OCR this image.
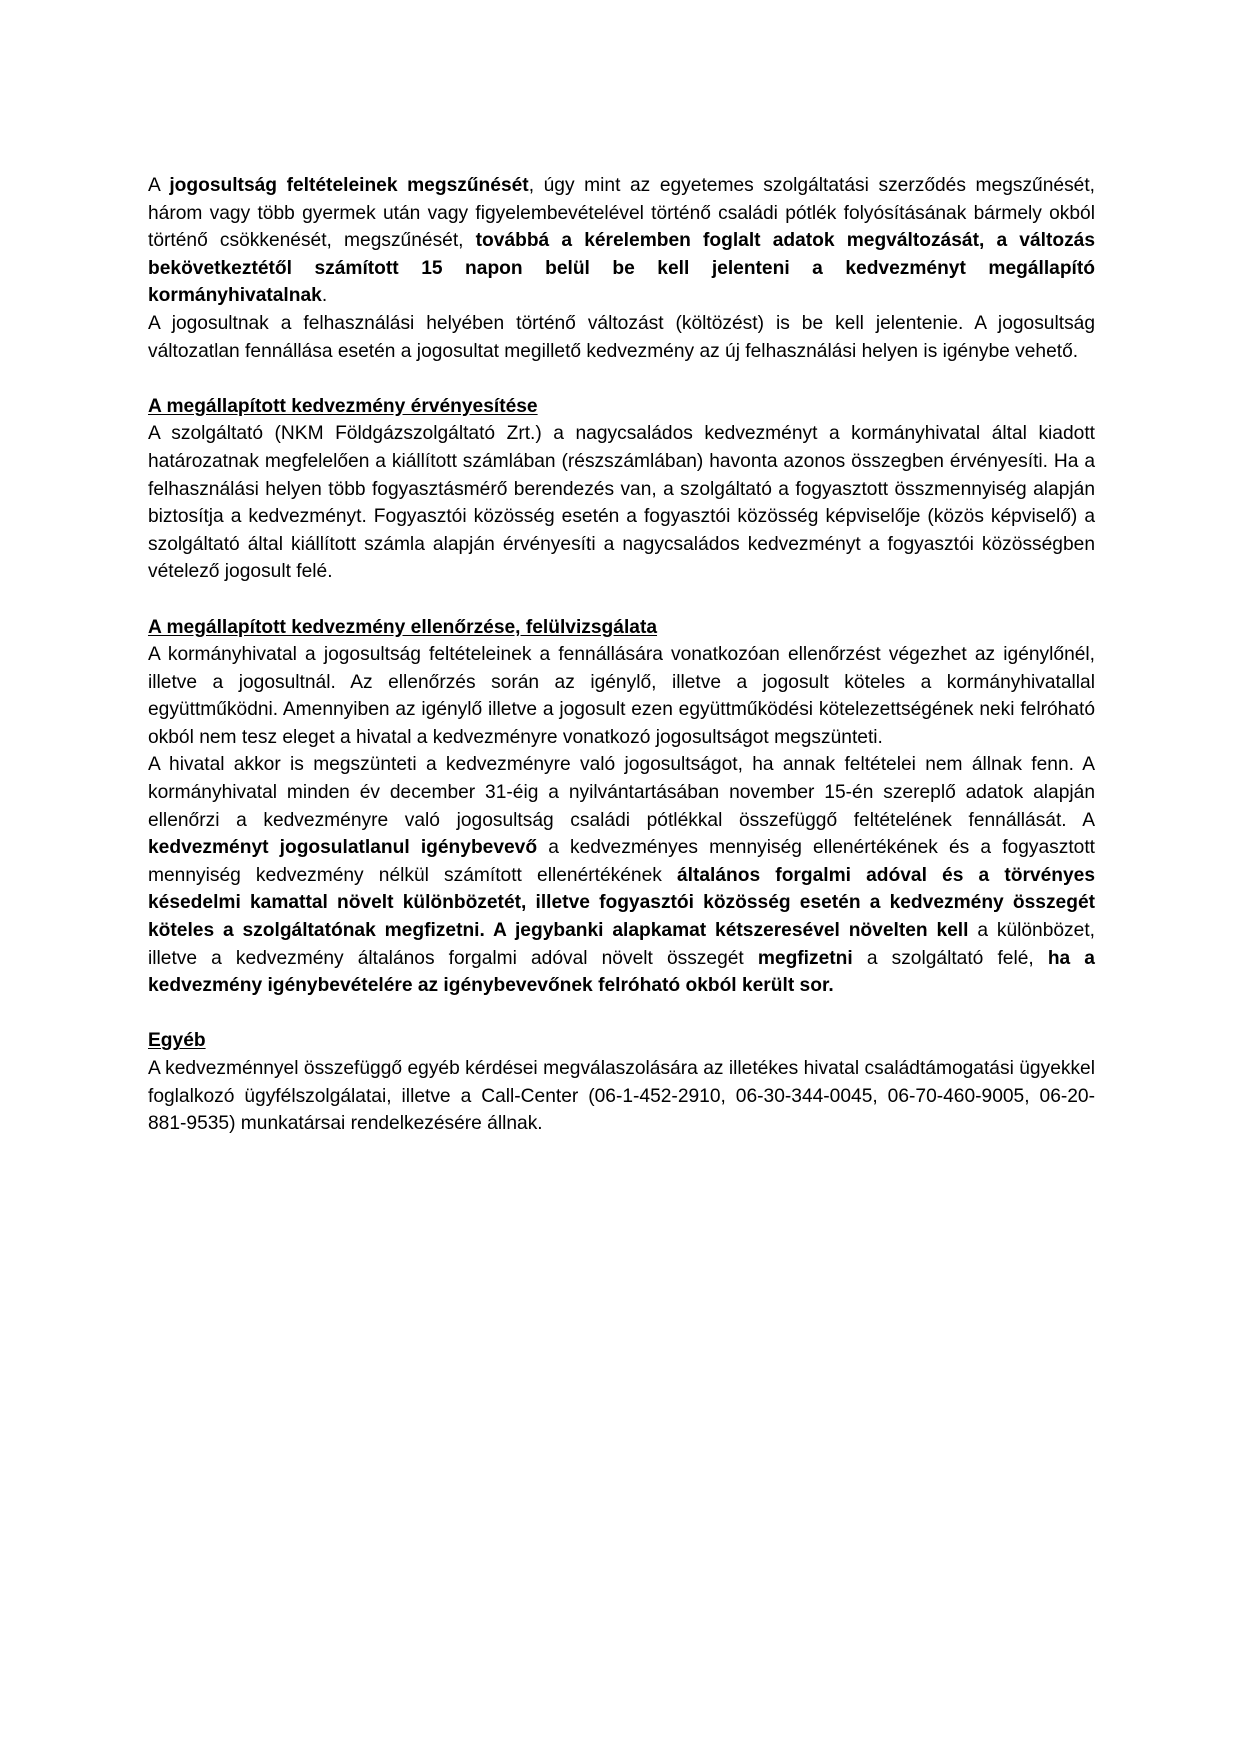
A jogosultság feltételeinek megszűnését, úgy mint az egyetemes szolgáltatási szerződés megszűnését, három vagy több gyermek után vagy figyelembevételével történő családi pótlék folyósításának bármely okból történő csökkenését, megszűnését, továbbá a kérelemben foglalt adatok megváltozását, a változás bekövetkeztétől számított 15 napon belül be kell jelenteni a kedvezményt megállapító kormányhivatalnak.

A jogosultnak a felhasználási helyében történő változást (költözést) is be kell jelentenie. A jogosultság változatlan fennállása esetén a jogosultat megillető kedvezmény az új felhasználási helyen is igénybe vehető.

A megállapított kedvezmény érvényesítése

A szolgáltató (NKM Földgázszolgáltató Zrt.) a nagycsaládos kedvezményt a kormányhivatal által kiadott határozatnak megfelelően a kiállított számlában (részszámlában) havonta azonos összegben érvényesíti. Ha a felhasználási helyen több fogyasztásmérő berendezés van, a szolgáltató a fogyasztott összmennyiség alapján biztosítja a kedvezményt. Fogyasztói közösség esetén a fogyasztói közösség képviselője (közös képviselő) a szolgáltató által kiállított számla alapján érvényesíti a nagycsaládos kedvezményt a fogyasztói közösségben vételező jogosult felé.

A megállapított kedvezmény ellenőrzése, felülvizsgálata

A kormányhivatal a jogosultság feltételeinek a fennállására vonatkozóan ellenőrzést végezhet az igénylőnél, illetve a jogosultnál. Az ellenőrzés során az igénylő, illetve a jogosult köteles a kormányhivatallal együttműködni. Amennyiben az igénylő illetve a jogosult ezen együttműködési kötelezettségének neki felróható okból nem tesz eleget a hivatal a kedvezményre vonatkozó jogosultságot megszünteti.

A hivatal akkor is megszünteti a kedvezményre való jogosultságot, ha annak feltételei nem állnak fenn. A kormányhivatal minden év december 31-éig a nyilvántartásában november 15-én szereplő adatok alapján ellenőrzi a kedvezményre való jogosultság családi pótlékkal összefüggő feltételének fennállását. A kedvezményt jogosulatlanul igénybevevő a kedvezményes mennyiség ellenértékének és a fogyasztott mennyiség kedvezmény nélkül számított ellenértékének általános forgalmi adóval és a törvényes késedelmi kamattal növelt különbözetét, illetve fogyasztói közösség esetén a kedvezmény összegét köteles a szolgáltatónak megfizetni. A jegybanki alapkamat kétszeresével növelten kell a különbözet, illetve a kedvezmény általános forgalmi adóval növelt összegét megfizetni a szolgáltató felé, ha a kedvezmény igénybevételére az igénybevevőnek felróható okból került sor.

Egyéb

A kedvezménnyel összefüggő egyéb kérdései megválaszolására az illetékes hivatal családtámogatási ügyekkel foglalkozó ügyfélszolgálatai, illetve a Call-Center (06-1-452-2910, 06-30-344-0045, 06-70-460-9005, 06-20-881-9535) munkatársai rendelkezésére állnak.
